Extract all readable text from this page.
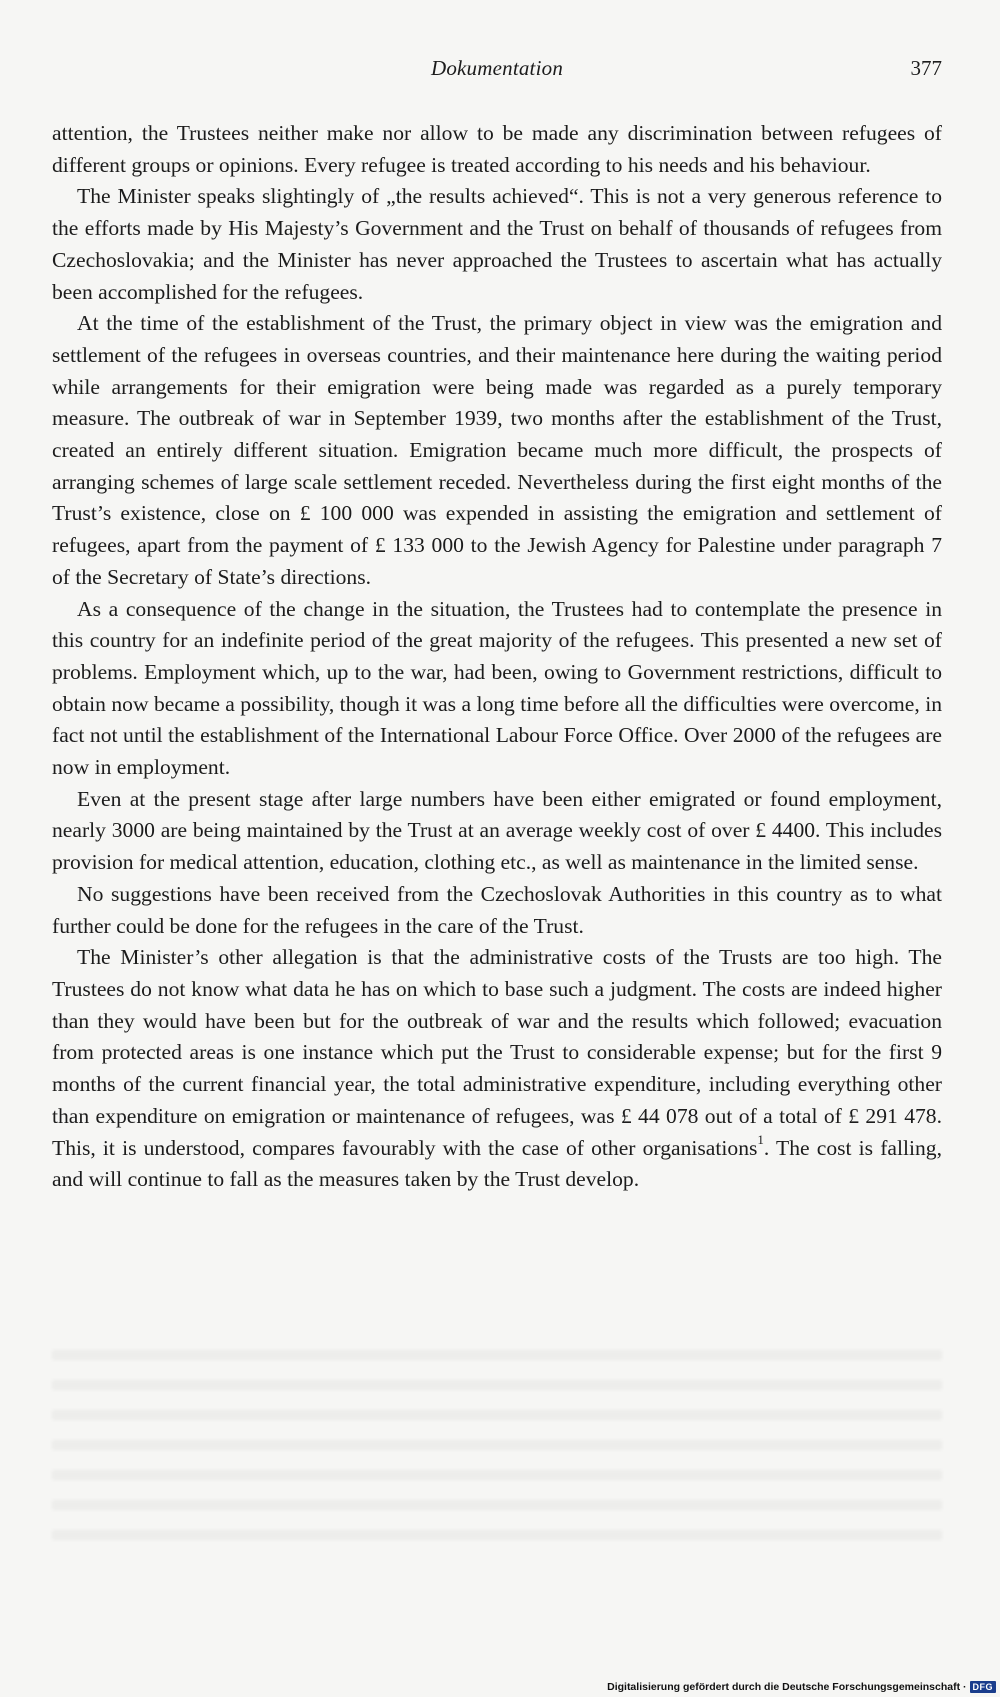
Dokumentation	377

attention, the Trustees neither make nor allow to be made any discrimination between refugees of different groups or opinions. Every refugee is treated according to his needs and his behaviour.

The Minister speaks slightingly of „the results achieved“. This is not a very generous reference to the efforts made by His Majesty’s Government and the Trust on behalf of thousands of refugees from Czechoslovakia; and the Minister has never approached the Trustees to ascertain what has actually been accomplished for the refugees.

At the time of the establishment of the Trust, the primary object in view was the emigration and settlement of the refugees in overseas countries, and their maintenance here during the waiting period while arrangements for their emigration were being made was regarded as a purely temporary measure. The outbreak of war in September 1939, two months after the establishment of the Trust, created an entirely different situation. Emigration became much more difficult, the prospects of arranging schemes of large scale settlement receded. Nevertheless during the first eight months of the Trust’s existence, close on £ 100 000 was expended in assisting the emigration and settlement of refugees, apart from the payment of £ 133 000 to the Jewish Agency for Palestine under paragraph 7 of the Secretary of State’s directions.

As a consequence of the change in the situation, the Trustees had to contemplate the presence in this country for an indefinite period of the great majority of the refugees. This presented a new set of problems. Employment which, up to the war, had been, owing to Government restrictions, difficult to obtain now became a possibility, though it was a long time before all the difficulties were overcome, in fact not until the establishment of the International Labour Force Office. Over 2000 of the refugees are now in employment.

Even at the present stage after large numbers have been either emigrated or found employment, nearly 3000 are being maintained by the Trust at an average weekly cost of over £ 4400. This includes provision for medical attention, education, clothing etc., as well as maintenance in the limited sense.

No suggestions have been received from the Czechoslovak Authorities in this country as to what further could be done for the refugees in the care of the Trust.

The Minister’s other allegation is that the administrative costs of the Trusts are too high. The Trustees do not know what data he has on which to base such a judgment. The costs are indeed higher than they would have been but for the outbreak of war and the results which followed; evacuation from protected areas is one instance which put the Trust to considerable expense; but for the first 9 months of the current financial year, the total administrative expenditure, including everything other than expenditure on emigration or maintenance of refugees, was £ 44 078 out of a total of £ 291 478. This, it is understood, compares favourably with the case of other organisations$^1$. The cost is falling, and will continue to fall as the measures taken by the Trust develop.

Digitalisierung gefördert durch die Deutsche Forschungsgemeinschaft · DFG
